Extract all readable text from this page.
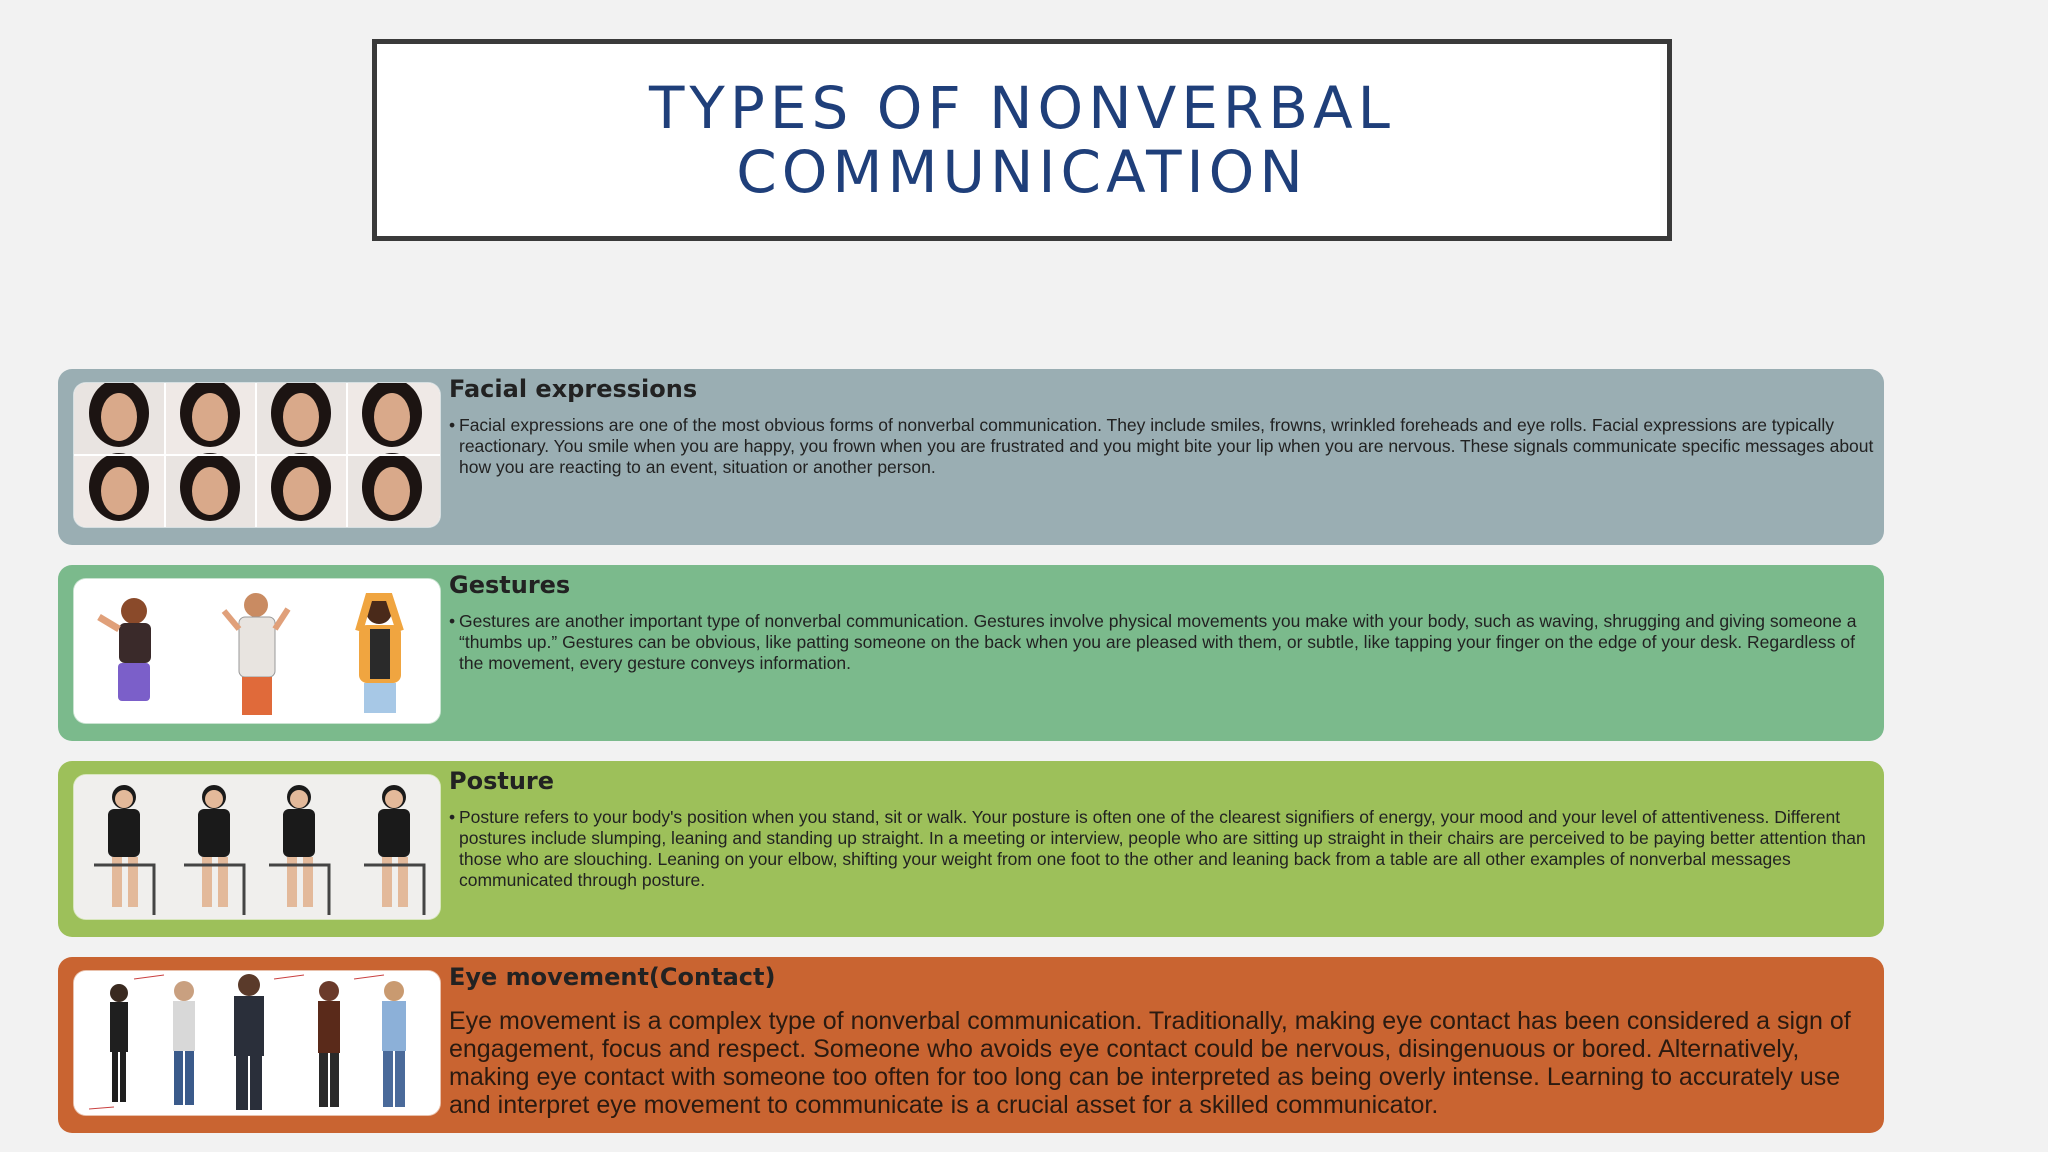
TYPES OF NONVERBAL COMMUNICATION
Facial expressions
• Facial expressions are one of the most obvious forms of nonverbal communication. They include smiles, frowns, wrinkled foreheads and eye rolls. Facial expressions are typically reactionary. You smile when you are happy, you frown when you are frustrated and you might bite your lip when you are nervous. These signals communicate specific messages about how you are reacting to an event, situation or another person.
Gestures
• Gestures are another important type of nonverbal communication. Gestures involve physical movements you make with your body, such as waving, shrugging and giving someone a “thumbs up.” Gestures can be obvious, like patting someone on the back when you are pleased with them, or subtle, like tapping your finger on the edge of your desk. Regardless of the movement, every gesture conveys information.
Posture
• Posture refers to your body's position when you stand, sit or walk. Your posture is often one of the clearest signifiers of energy, your mood and your level of attentiveness. Different postures include slumping, leaning and standing up straight. In a meeting or interview, people who are sitting up straight in their chairs are perceived to be paying better attention than those who are slouching. Leaning on your elbow, shifting your weight from one foot to the other and leaning back from a table are all other examples of nonverbal messages communicated through posture.
Eye movement(Contact)
Eye movement is a complex type of nonverbal communication. Traditionally, making eye contact has been considered a sign of engagement, focus and respect. Someone who avoids eye contact could be nervous, disingenuous or bored. Alternatively, making eye contact with someone too often for too long can be interpreted as being overly intense. Learning to accurately use and interpret eye movement to communicate is a crucial asset for a skilled communicator.
